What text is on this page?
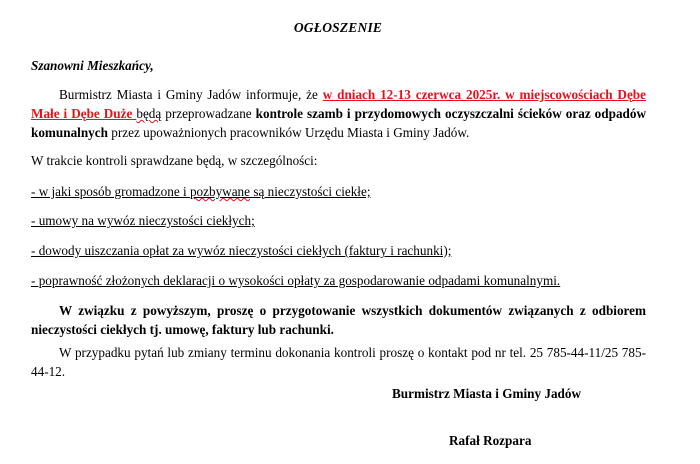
OGŁOSZENIE
Szanowni Mieszkańcy,
Burmistrz Miasta i Gminy Jadów informuje, że w dniach 12-13 czerwca 2025r. w miejscowościach Dębe Małe i Dębe Duże będą przeprowadzane kontrole szamb i przydomowych oczyszczalni ścieków oraz odpadów komunalnych przez upoważnionych pracowników Urzędu Miasta i Gminy Jadów.
W trakcie kontroli sprawdzane będą, w szczególności:
- w jaki sposób gromadzone i pozbywane są nieczystości ciekłe;
- umowy na wywóz nieczystości ciekłych;
- dowody uiszczania opłat za wywóz nieczystości ciekłych (faktury i rachunki);
- poprawność złożonych deklaracji o wysokości opłaty za gospodarowanie odpadami komunalnymi.
W związku z powyższym, proszę o przygotowanie wszystkich dokumentów związanych z odbiorem nieczystości ciekłych tj. umowę, faktury lub rachunki.
W przypadku pytań lub zmiany terminu dokonania kontroli proszę o kontakt pod nr tel. 25 785-44-11/25 785-44-12.
Burmistrz Miasta i Gminy Jadów
Rafał Rozpara
